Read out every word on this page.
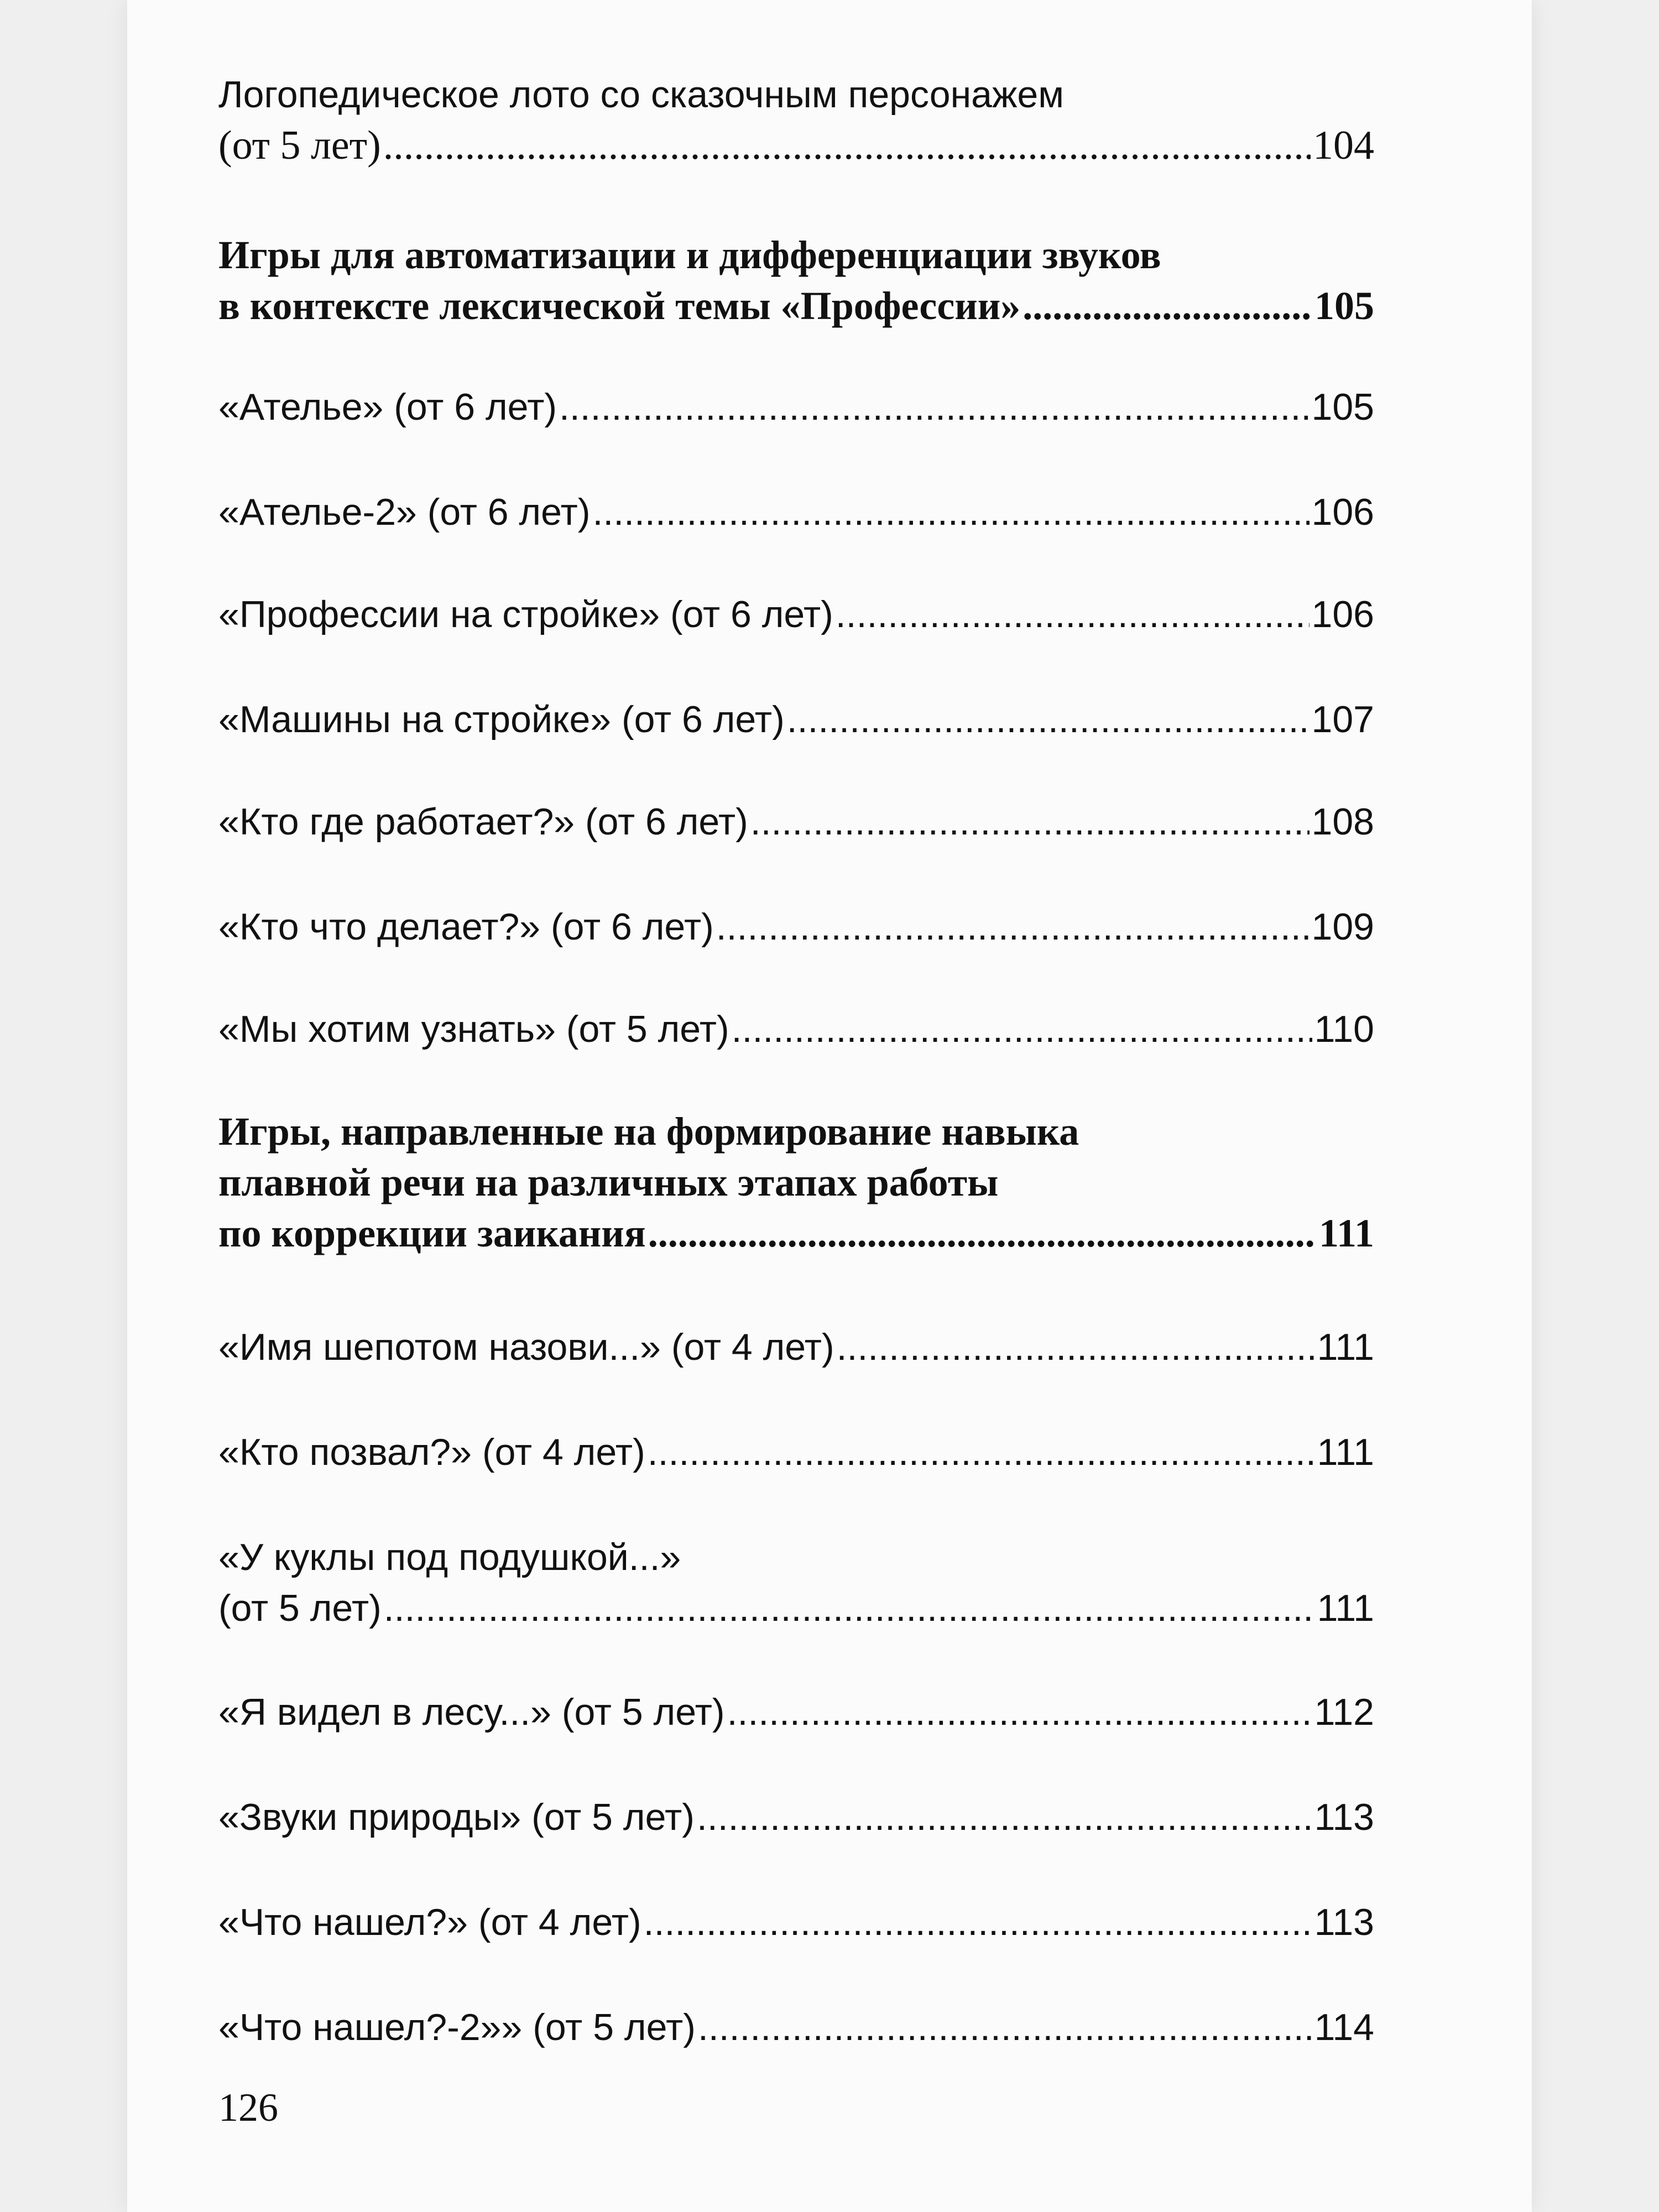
Логопедическое лото со сказочным персонажем
(от 5 лет) .....	104
Игры для автоматизации и дифференциации звуков
в контексте лексической темы «Профессии» .....	105
«Ателье» (от 6 лет) .....	105
«Ателье-2» (от 6 лет) .....	106
«Профессии на стройке» (от 6 лет) .....	106
«Машины на стройке» (от 6 лет) .....	107
«Кто где работает?» (от 6 лет) .....	108
«Кто что делает?» (от 6 лет) .....	109
«Мы хотим узнать» (от 5 лет) .....	110
Игры, направленные на формирование навыка
плавной речи на различных этапах работы
по коррекции заикания .....	111
«Имя шепотом назови...» (от 4 лет) .....	111
«Кто позвал?» (от 4 лет) .....	111
«У куклы под подушкой...»
(от 5 лет) .....	111
«Я видел в лесу...» (от 5 лет) .....	112
«Звуки природы» (от 5 лет) .....	113
«Что нашел?» (от 4 лет) .....	113
«Что нашел?-2»» (от 5 лет) .....	114
126
